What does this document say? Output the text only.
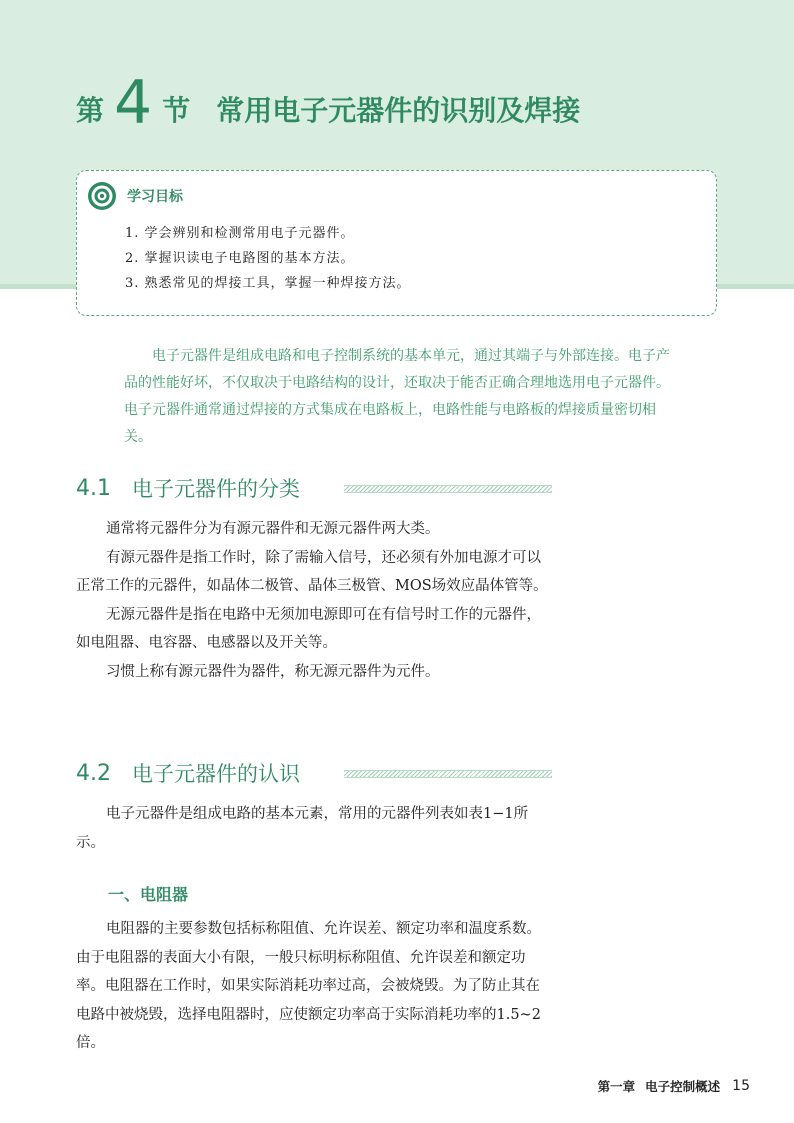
第 4 节 常用电子元器件的识别及焊接
学习目标
1. 学会辨别和检测常用电子元器件。
2. 掌握识读电子电路图的基本方法。
3. 熟悉常见的焊接工具，掌握一种焊接方法。

电子元器件是组成电路和电子控制系统的基本单元，通过其端子与外部连接。电子产品的性能好坏，不仅取决于电路结构的设计，还取决于能否正确合理地选用电子元器件。电子元器件通常通过焊接的方式集成在电路板上，电路性能与电路板的焊接质量密切相关。

4.1	电子元器件的分类

通常将元器件分为有源元器件和无源元器件两大类。

有源元器件是指工作时，除了需输入信号，还必须有外加电源才可以正常工作的元器件，如晶体二极管、晶体三极管、MOS场效应晶体管等。

无源元器件是指在电路中无须加电源即可在有信号时工作的元器件，如电阻器、电容器、电感器以及开关等。

习惯上称有源元器件为器件，称无源元器件为元件。

4.2	电子元器件的认识

电子元器件是组成电路的基本元素，常用的元器件列表如表1−1所示。

一、电阻器

电阻器的主要参数包括标称阻值、允许误差、额定功率和温度系数。由于电阻器的表面大小有限，一般只标明标称阻值、允许误差和额定功率。电阻器在工作时，如果实际消耗功率过高，会被烧毁。为了防止其在电路中被烧毁，选择电阻器时，应使额定功率高于实际消耗功率的1.5~2倍。

第一章 电子控制概述 15
